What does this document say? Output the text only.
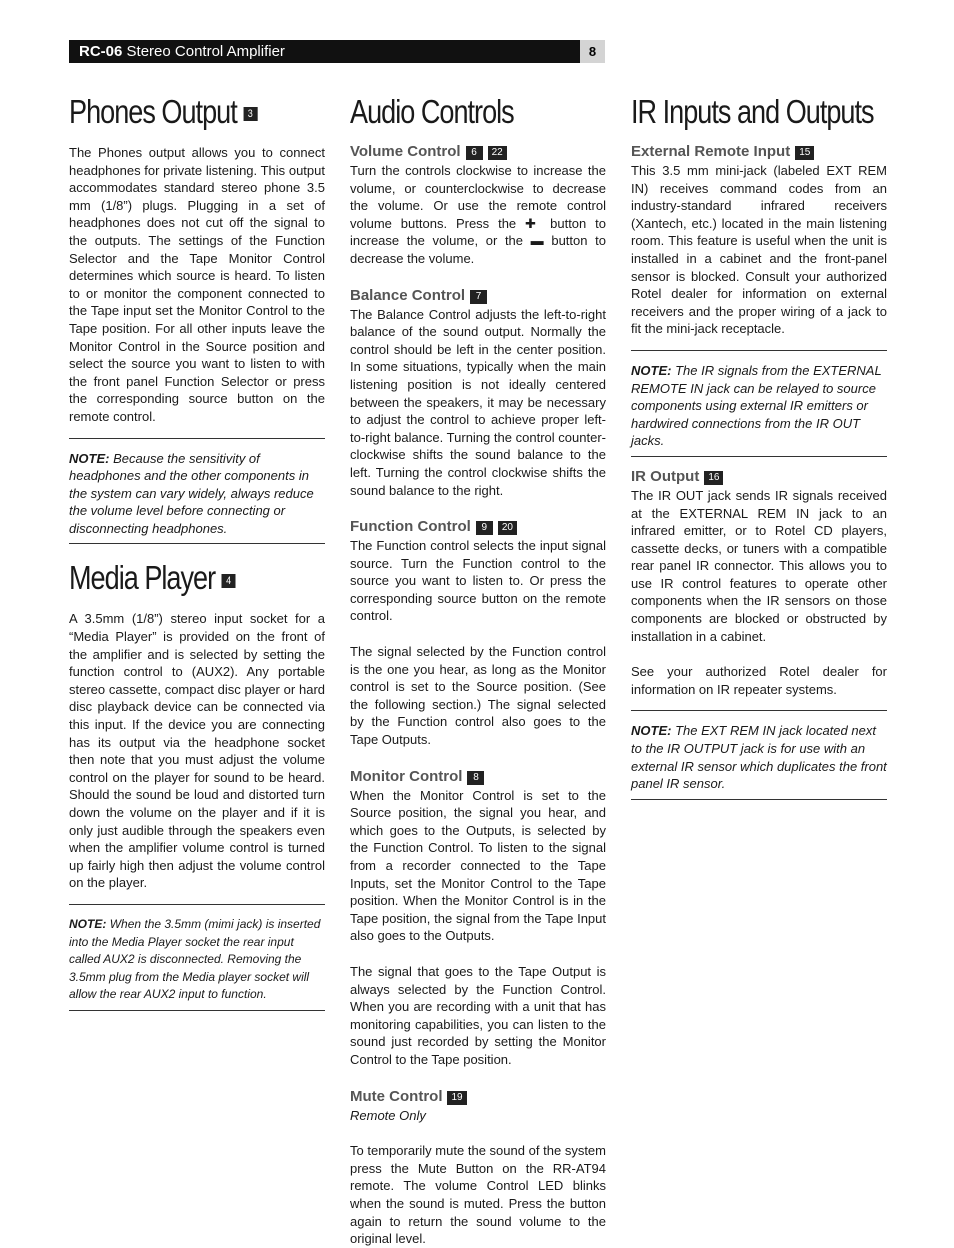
RC-06 Stereo Control Amplifier	8
Phones Output 3

The Phones output allows you to connect headphones for private listening. This output accommodates standard stereo phone 3.5 mm (1/8”) plugs. Plugging in a set of headphones does not cut off the signal to the outputs. The settings of the Function Selector and the Tape Monitor Control determines which source is heard. To listen to or monitor the component connected to the Tape input set the Monitor Control to the Tape position. For all other inputs leave the Monitor Control in the Source position and select the source you want to listen to with the front panel Function Selector or press the corresponding source button on the remote control.

NOTE: Because the sensitivity of headphones and the other components in the system can vary widely, always reduce the volume level before connecting or disconnecting headphones.
Media Player 4

A 3.5mm (1/8”) stereo input socket for a “Media Player” is provided on the front of the amplifier and is selected by setting the function control to (AUX2). Any portable stereo cassette, compact disc player or hard disc playback device can be connected via this input. If the device you are connecting has its output via the headphone socket then note that you must adjust the volume control on the player for sound to be heard. Should the sound be loud and distorted turn down the volume on the player and if it is only just audible through the speakers even when the amplifier volume control is turned up fairly high then adjust the volume control on the player.

NOTE: When the 3.5mm (mimi jack) is inserted into the Media Player socket the rear input called AUX2 is disconnected. Removing the 3.5mm plug from the Media player socket will allow the rear AUX2 input to function.
Audio Controls
Volume Control 6 22

Turn the controls clockwise to increase the volume, or counterclockwise to decrease the volume. Or use the remote control volume buttons. Press the ✚ button to increase the volume, or the ▬ button to decrease the volume.

Balance Control 7

The Balance Control adjusts the left-to-right balance of the sound output. Normally the control should be left in the center position. In some situations, typically when the main listening position is not ideally centered between the speakers, it may be necessary to adjust the control to achieve proper left-to-right balance. Turning the control counter-clockwise shifts the sound balance to the left. Turning the control clockwise shifts the sound balance to the right.

Function Control 9 20

The Function control selects the input signal source. Turn the Function control to the source you want to listen to. Or press the corresponding source button on the remote control.

The signal selected by the Function control is the one you hear, as long as the Monitor control is set to the Source position. (See the following section.) The signal selected by the Function control also goes to the Tape Outputs.

Monitor Control 8

When the Monitor Control is set to the Source position, the signal you hear, and which goes to the Outputs, is selected by the Function Control. To listen to the signal from a recorder connected to the Tape Inputs, set the Monitor Control to the Tape position. When the Monitor Control is in the Tape position, the signal from the Tape Input also goes to the Outputs.

The signal that goes to the Tape Output is always selected by the Function Control. When you are recording with a unit that has monitoring capabilities, you can listen to the sound just recorded by setting the Monitor Control to the Tape position.

Mute Control 19

Remote Only

To temporarily mute the sound of the system press the Mute Button on the RR-AT94 remote. The volume Control LED blinks when the sound is muted. Press the button again to return the sound volume to the original level.

IR Inputs and Outputs
External Remote Input 15

This 3.5 mm mini-jack (labeled EXT REM IN) receives command codes from an industry-standard infrared receivers (Xantech, etc.) located in the main listening room. This feature is useful when the unit is installed in a cabinet and the front-panel sensor is blocked. Consult your authorized Rotel dealer for information on external receivers and the proper wiring of a jack to fit the mini-jack receptacle.

NOTE: The IR signals from the EXTERNAL REMOTE IN jack can be relayed to source components using external IR emitters or hardwired connections from the IR OUT jacks.
IR Output 16

The IR OUT jack sends IR signals received at the EXTERNAL REM IN jack to an infrared emitter, or to Rotel CD players, cassette decks, or tuners with a compatible rear panel IR connector. This allows you to use IR control features to operate other components when the IR sensors on those components are blocked or obstructed by installation in a cabinet.

See your authorized Rotel dealer for information on IR repeater systems.

NOTE: The EXT REM IN jack located next to the IR OUTPUT jack is for use with an external IR sensor which duplicates the front panel IR sensor.
